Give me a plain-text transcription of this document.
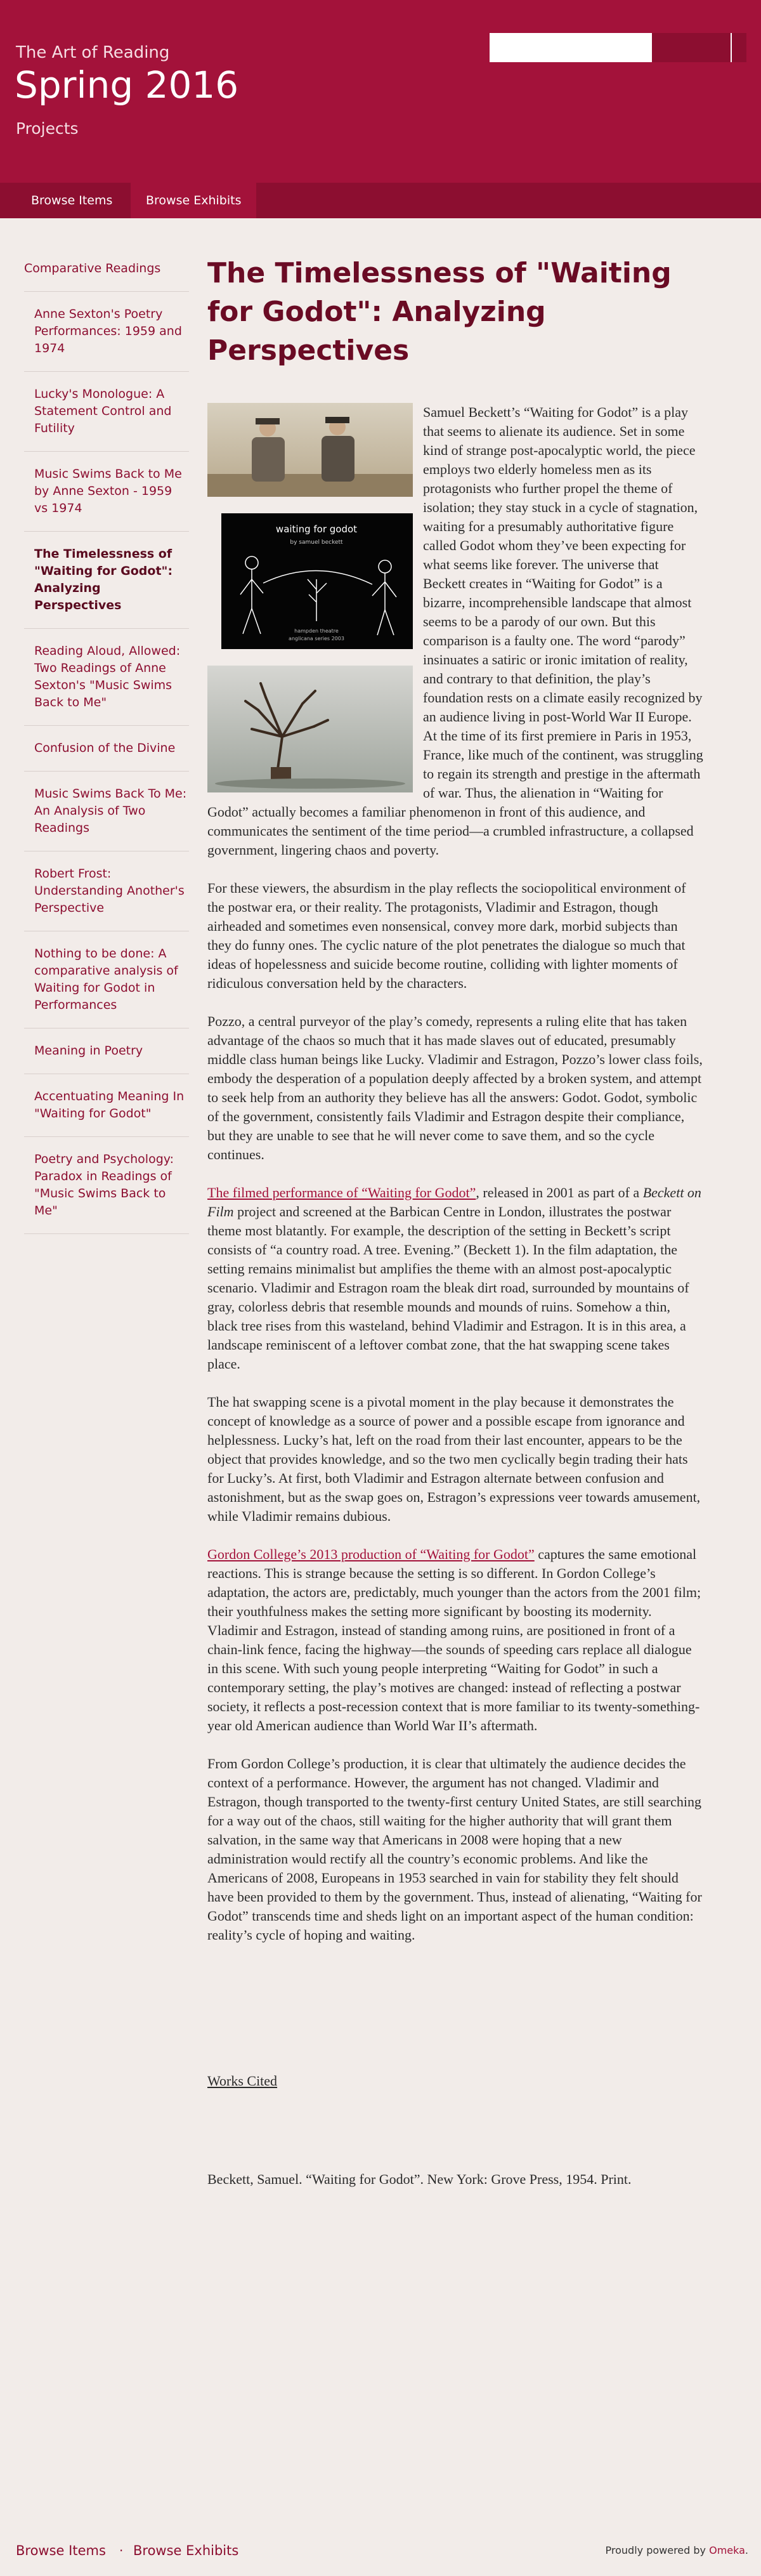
The Art of Reading
Spring 2016
Projects
Browse Items	Browse Exhibits
Comparative Readings
Anne Sexton's Poetry Performances: 1959 and 1974
Lucky's Monologue: A Statement Control and Futility
Music Swims Back to Me by Anne Sexton - 1959 vs 1974
The Timelessness of "Waiting for Godot": Analyzing Perspectives
Reading Aloud, Allowed: Two Readings of Anne Sexton's "Music Swims Back to Me"
Confusion of the Divine
Music Swims Back To Me: An Analysis of Two Readings
Robert Frost: Understanding Another's Perspective
Nothing to be done: A comparative analysis of Waiting for Godot in Performances
Meaning in Poetry
Accentuating Meaning In "Waiting for Godot"
Poetry and Psychology: Paradox in Readings of "Music Swims Back to Me"
The Timelessness of "Waiting for Godot": Analyzing Perspectives
waiting for godot
by samuel beckett
hampden theatre
anglicana series 2003

Samuel Beckett’s “Waiting for Godot” is a play that seems to alienate its audience. Set in some kind of strange post-apocalyptic world, the piece employs two elderly homeless men as its protagonists who further propel the theme of isolation; they stay stuck in a cycle of stagnation, waiting for a presumably authoritative figure called Godot whom they’ve been expecting for what seems like forever. The universe that Beckett creates in “Waiting for Godot” is a bizarre, incomprehensible landscape that almost seems to be a parody of our own. But this comparison is a faulty one. The word “parody” insinuates a satiric or ironic imitation of reality, and contrary to that definition, the play’s foundation rests on a climate easily recognized by an audience living in post-World War II Europe. At the time of its first premiere in Paris in 1953, France, like much of the continent, was struggling to regain its strength and prestige in the aftermath of war. Thus, the alienation in “Waiting for Godot” actually becomes a familiar phenomenon in front of this audience, and communicates the sentiment of the time period—a crumbled infrastructure, a collapsed government, lingering chaos and poverty.

For these viewers, the absurdism in the play reflects the sociopolitical environment of the postwar era, or their reality. The protagonists, Vladimir and Estragon, though airheaded and sometimes even nonsensical, convey more dark, morbid subjects than they do funny ones. The cyclic nature of the plot penetrates the dialogue so much that ideas of hopelessness and suicide become routine, colliding with lighter moments of ridiculous conversation held by the characters.

Pozzo, a central purveyor of the play’s comedy, represents a ruling elite that has taken advantage of the chaos so much that it has made slaves out of educated, presumably middle class human beings like Lucky. Vladimir and Estragon, Pozzo’s lower class foils, embody the desperation of a population deeply affected by a broken system, and attempt to seek help from an authority they believe has all the answers: Godot. Godot, symbolic of the government, consistently fails Vladimir and Estragon despite their compliance, but they are unable to see that he will never come to save them, and so the cycle continues.

The filmed performance of “Waiting for Godot”, released in 2001 as part of a Beckett on Film project and screened at the Barbican Centre in London, illustrates the postwar theme most blatantly. For example, the description of the setting in Beckett’s script consists of “a country road. A tree. Evening.” (Beckett 1). In the film adaptation, the setting remains minimalist but amplifies the theme with an almost post-apocalyptic scenario. Vladimir and Estragon roam the bleak dirt road, surrounded by mountains of gray, colorless debris that resemble mounds and mounds of ruins. Somehow a thin, black tree rises from this wasteland, behind Vladimir and Estragon. It is in this area, a landscape reminiscent of a leftover combat zone, that the hat swapping scene takes place.

The hat swapping scene is a pivotal moment in the play because it demonstrates the concept of knowledge as a source of power and a possible escape from ignorance and helplessness. Lucky’s hat, left on the road from their last encounter, appears to be the object that provides knowledge, and so the two men cyclically begin trading their hats for Lucky’s. At first, both Vladimir and Estragon alternate between confusion and astonishment, but as the swap goes on, Estragon’s expressions veer towards amusement, while Vladimir remains dubious.

Gordon College’s 2013 production of “Waiting for Godot” captures the same emotional reactions. This is strange because the setting is so different. In Gordon College’s adaptation, the actors are, predictably, much younger than the actors from the 2001 film; their youthfulness makes the setting more significant by boosting its modernity. Vladimir and Estragon, instead of standing among ruins, are positioned in front of a chain-link fence, facing the highway—the sounds of speeding cars replace all dialogue in this scene. With such young people interpreting “Waiting for Godot” in such a contemporary setting, the play’s motives are changed: instead of reflecting a postwar society, it reflects a post-recession context that is more familiar to its twenty-something-year old American audience than World War II’s aftermath.

From Gordon College’s production, it is clear that ultimately the audience decides the context of a performance. However, the argument has not changed. Vladimir and Estragon, though transported to the twenty-first century United States, are still searching for a way out of the chaos, still waiting for the higher authority that will grant them salvation, in the same way that Americans in 2008 were hoping that a new administration would rectify all the country’s economic problems. And like the Americans of 2008, Europeans in 1953 searched in vain for stability they felt should have been provided to them by the government. Thus, instead of alienating, “Waiting for Godot” transcends time and sheds light on an important aspect of the human condition: reality’s cycle of hoping and waiting.

Works Cited
Beckett, Samuel. “Waiting for Godot”. New York: Grove Press, 1954. Print.
Browse Items · Browse Exhibits	Proudly powered by Omeka.
